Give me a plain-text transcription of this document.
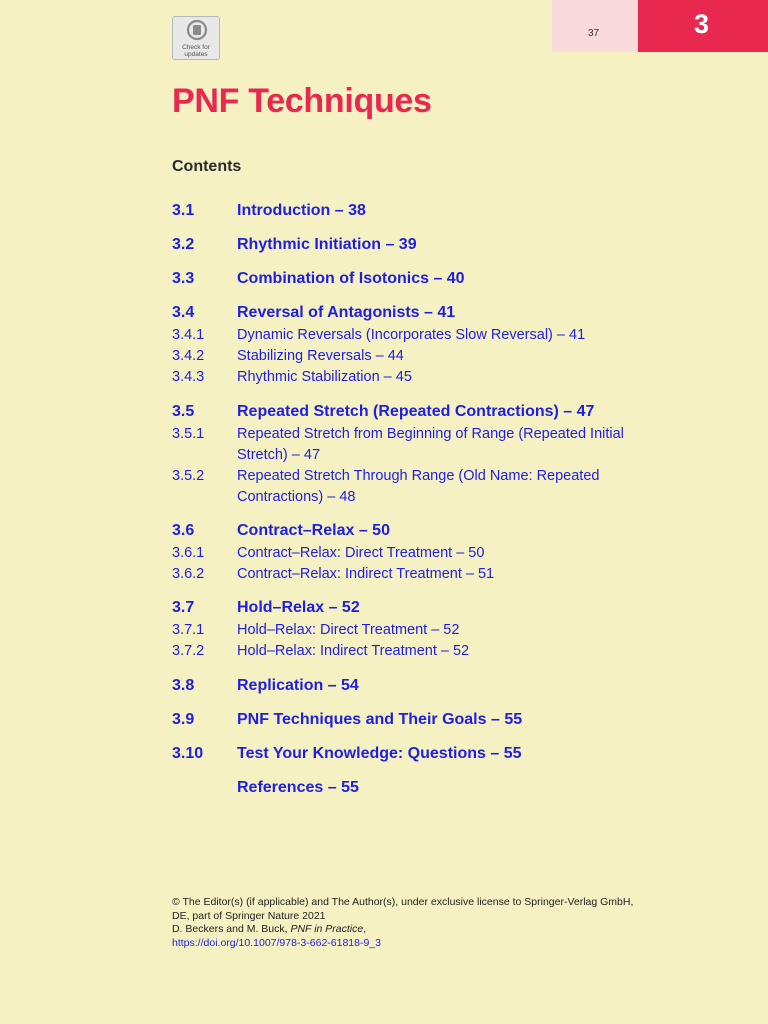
37	3
Check for updates
PNF Techniques
Contents
3.1	Introduction – 38
3.2	Rhythmic Initiation – 39
3.3	Combination of Isotonics – 40
3.4	Reversal of Antagonists – 41
3.4.1 Dynamic Reversals (Incorporates Slow Reversal) – 41
3.4.2 Stabilizing Reversals – 44
3.4.3 Rhythmic Stabilization – 45
3.5	Repeated Stretch (Repeated Contractions) – 47
3.5.1 Repeated Stretch from Beginning of Range (Repeated Initial Stretch) – 47
3.5.2 Repeated Stretch Through Range (Old Name: Repeated Contractions) – 48
3.6	Contract–Relax – 50
3.6.1 Contract–Relax: Direct Treatment – 50
3.6.2 Contract–Relax: Indirect Treatment – 51
3.7	Hold–Relax – 52
3.7.1 Hold–Relax: Direct Treatment – 52
3.7.2 Hold–Relax: Indirect Treatment – 52
3.8	Replication – 54
3.9	PNF Techniques and Their Goals – 55
3.10 Test Your Knowledge: Questions – 55
References – 55
© The Editor(s) (if applicable) and The Author(s), under exclusive license to Springer-Verlag GmbH, DE, part of Springer Nature 2021
D. Beckers and M. Buck, PNF in Practice,
https://doi.org/10.1007/978-3-662-61818-9_3
